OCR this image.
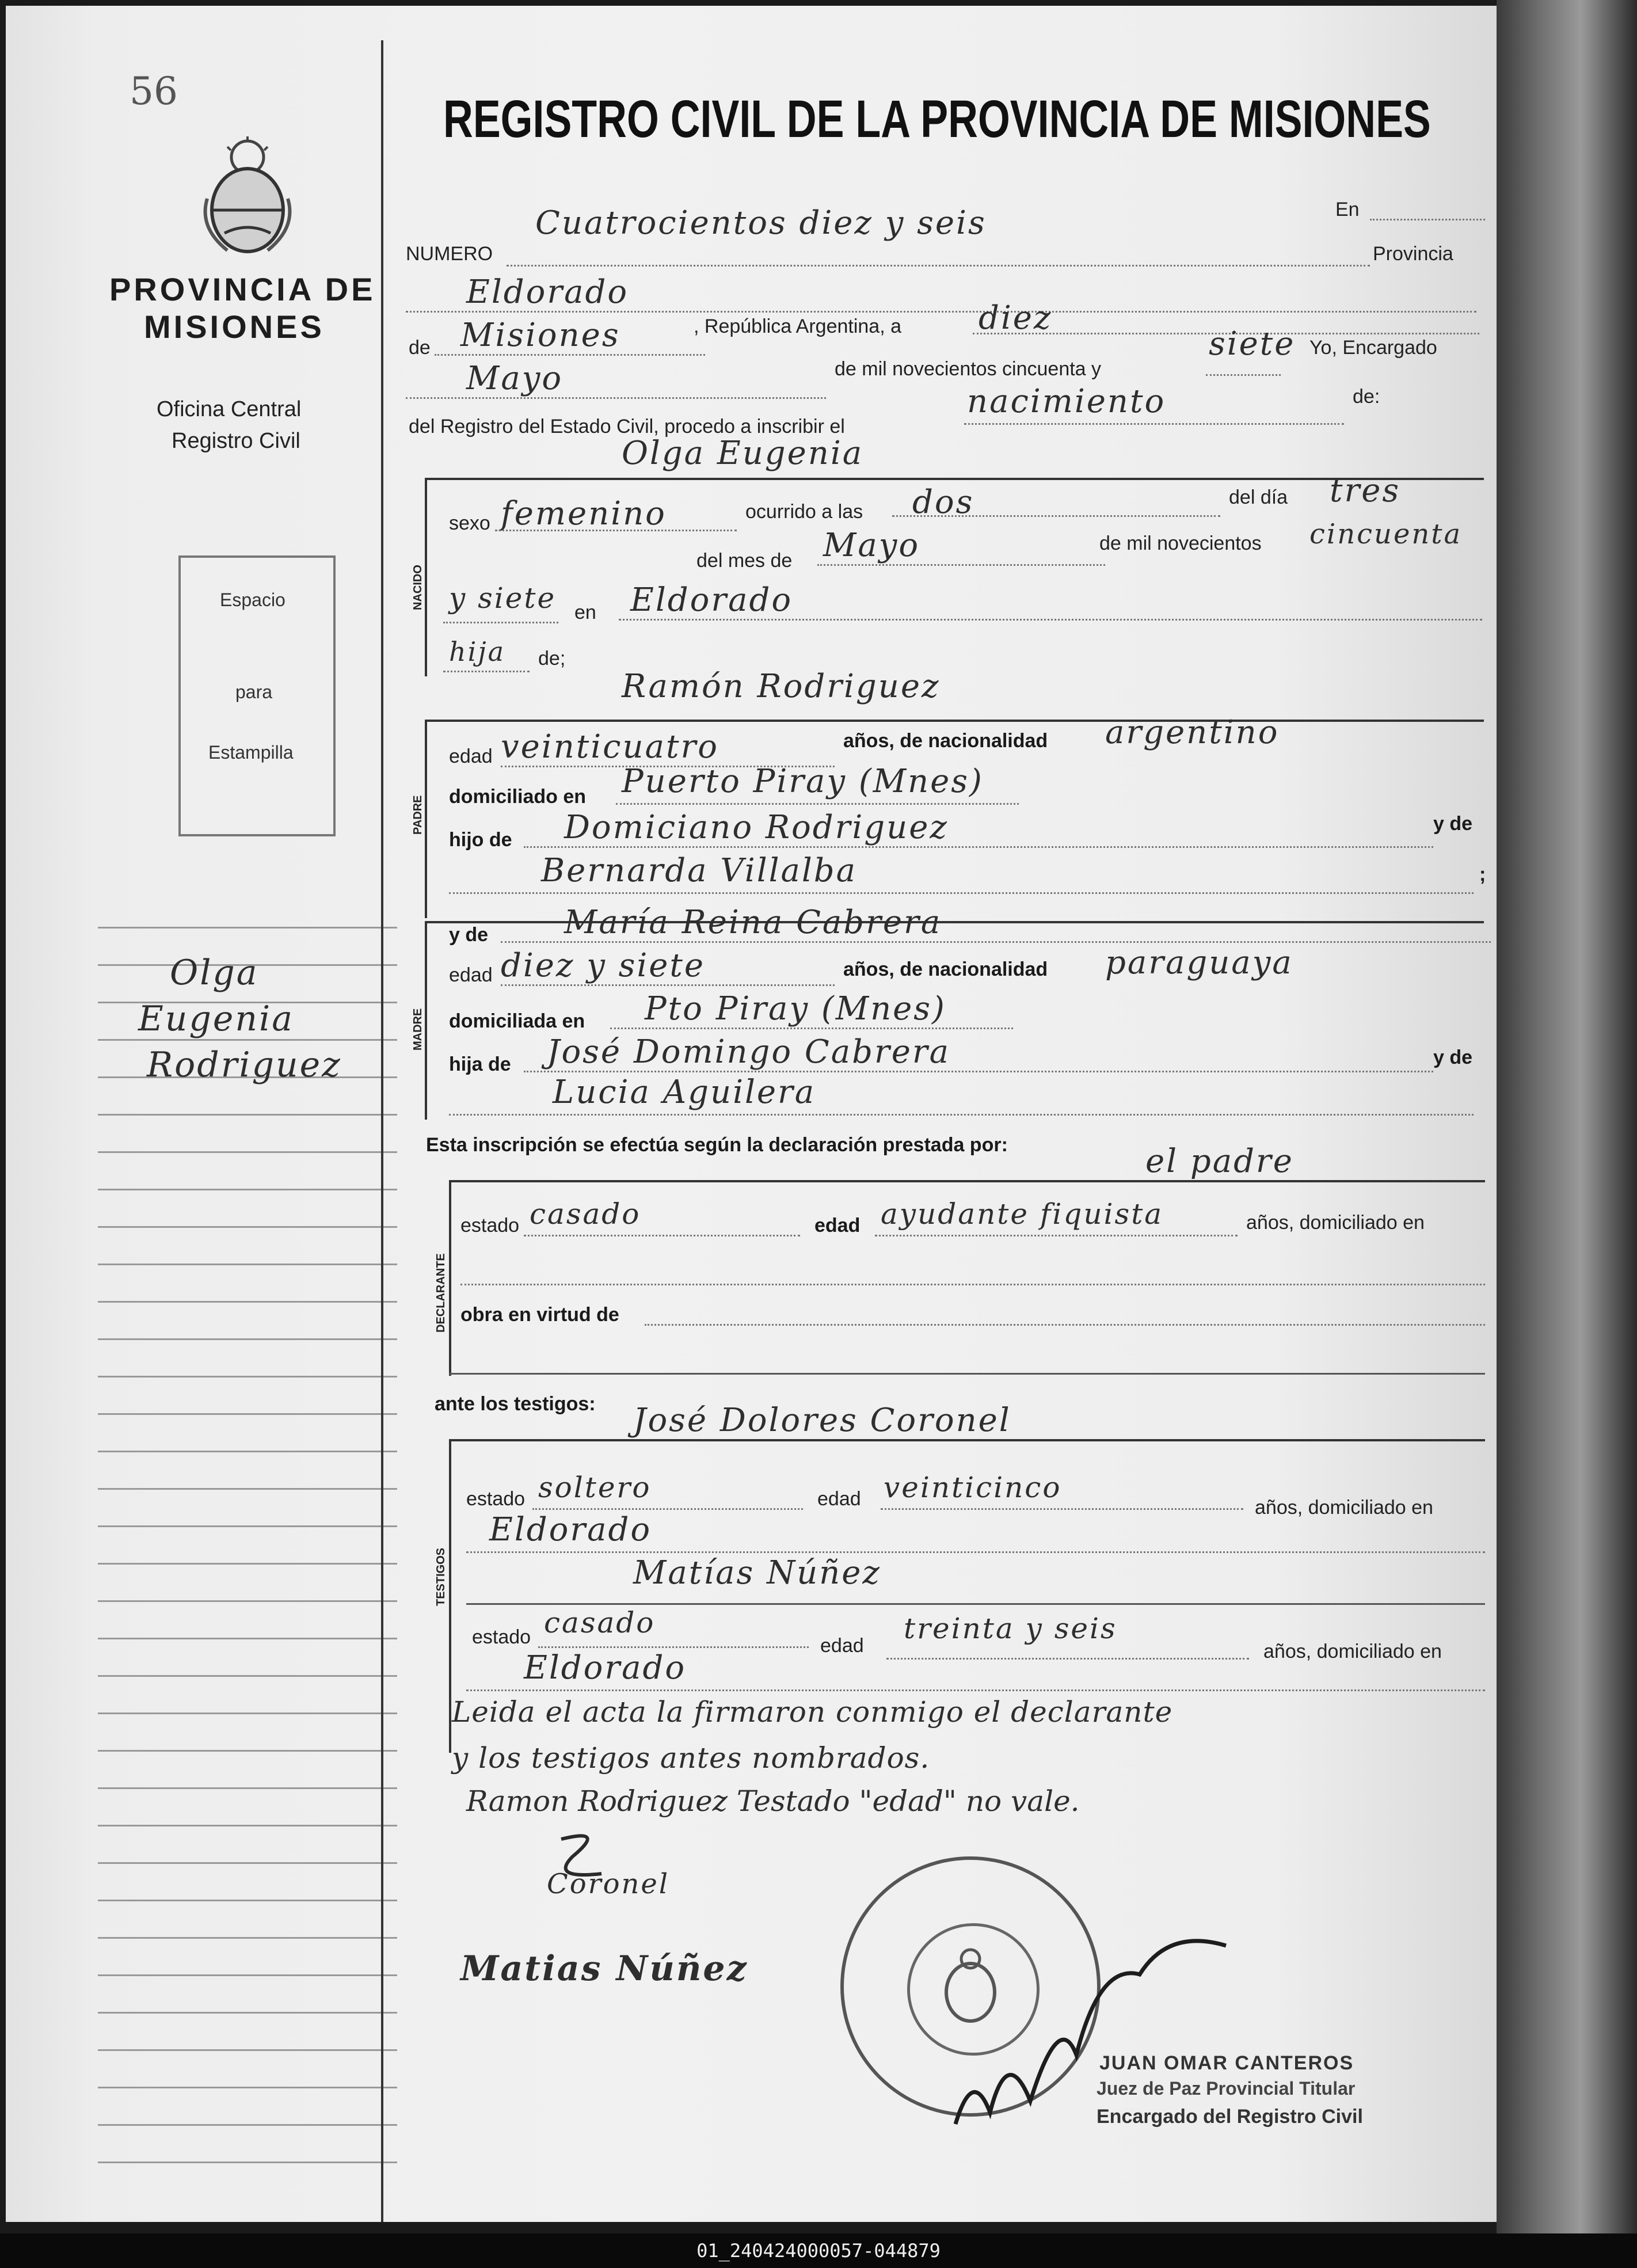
56
PROVINCIA DE
MISIONES
Oficina Central
Registro Civil
Espacio
para
Estampilla
Olga
Eugenia
Rodriguez
REGISTRO CIVIL DE LA PROVINCIA DE MISIONES
NUMERO
Cuatrocientos diez y seis	En
Provincia
Eldorado
de Misiones	, República Argentina, a diez
Mayo	de mil novecientos cincuenta y
siete Yo, Encargado
del Registro del Estado Civil, procedo a inscribir el
nacimiento	de:
NACIDO
Olga Eugenia
sexo femenino	ocurrido a las dos	del día tres
del mes de Mayo	de mil novecientos cincuenta
y siete en Eldorado
hija de;
Ramón Rodriguez
PADRE
edad veinticuatro	años, de nacionalidad argentino
domiciliado en Puerto Piray (Mnes)
hijo de Domiciano Rodriguez	y de
Bernarda Villalba	;
MADRE
y de María Reina Cabrera
edad diez y siete	años, de nacionalidad paraguaya
domiciliada en Pto Piray (Mnes)
hija de José Domingo Cabrera	y de
Lucia Aguilera
Esta inscripción se efectúa según la declaración prestada por:	el padre
DECLARANTE
estado casado	edad ayudante fiquista	años, domiciliado en
obra en virtud de
ante los testigos:
TESTIGOS
José Dolores Coronel
estado soltero	edad veinticinco
años, domiciliado en
Eldorado
Matías Núñez
estado casado
edad
treinta y seis
años, domiciliado en
Eldorado
Leida el acta la firmaron conmigo el declarante
y los testigos antes nombrados.
Ramon Rodriguez Testado "edad" no vale.
Coronel
Matias Núñez
JUAN OMAR CANTEROS
Juez de Paz Provincial Titular
Encargado del Registro Civil
01_240424000057-044879
